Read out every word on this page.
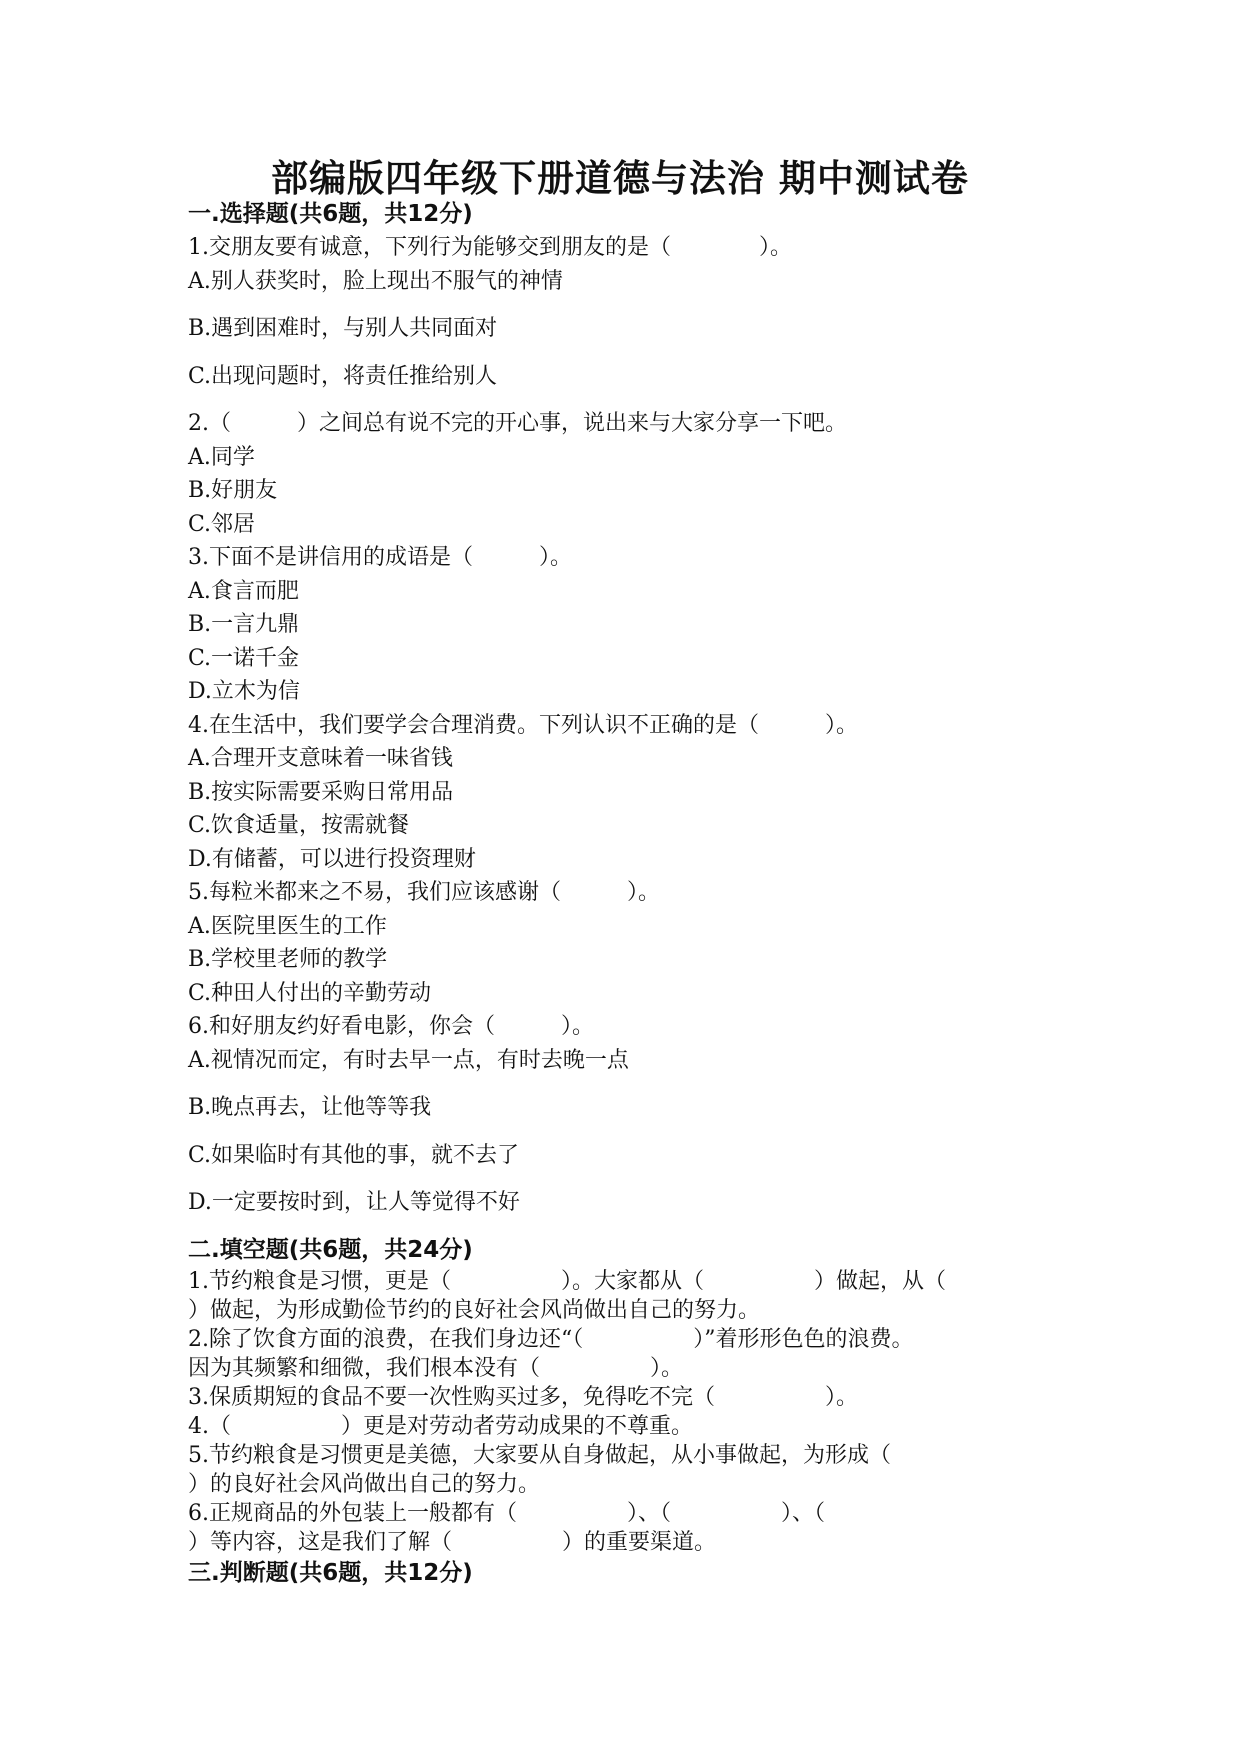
部编版四年级下册道德与法治 期中测试卷
一.选择题(共6题，共12分)
1.交朋友要有诚意，下列行为能够交到朋友的是（　　　　）。
A.别人获奖时，脸上现出不服气的神情
B.遇到困难时，与别人共同面对
C.出现问题时，将责任推给别人
2.（　　　）之间总有说不完的开心事，说出来与大家分享一下吧。
A.同学
B.好朋友
C.邻居
3.下面不是讲信用的成语是（　　　）。
A.食言而肥
B.一言九鼎
C.一诺千金
D.立木为信
4.在生活中，我们要学会合理消费。下列认识不正确的是（　　　）。
A.合理开支意味着一味省钱
B.按实际需要采购日常用品
C.饮食适量，按需就餐
D.有储蓄，可以进行投资理财
5.每粒米都来之不易，我们应该感谢（　　　）。
A.医院里医生的工作
B.学校里老师的教学
C.种田人付出的辛勤劳动
6.和好朋友约好看电影，你会（　　　）。
A.视情况而定，有时去早一点，有时去晚一点
B.晚点再去，让他等等我
C.如果临时有其他的事，就不去了
D.一定要按时到，让人等觉得不好
二.填空题(共6题，共24分)
1.节约粮食是习惯，更是（　　　　　）。大家都从（　　　　　）做起，从（
）做起，为形成勤俭节约的良好社会风尚做出自己的努力。
2.除了饮食方面的浪费，在我们身边还“（　　　　　）”着形形色色的浪费。
因为其频繁和细微，我们根本没有（　　　　　）。
3.保质期短的食品不要一次性购买过多，免得吃不完（　　　　　）。
4.（　　　　　）更是对劳动者劳动成果的不尊重。
5.节约粮食是习惯更是美德，大家要从自身做起，从小事做起，为形成（
）的良好社会风尚做出自己的努力。
6.正规商品的外包装上一般都有（　　　　　）、（　　　　　）、（
）等内容，这是我们了解（　　　　　）的重要渠道。
三.判断题(共6题，共12分)
